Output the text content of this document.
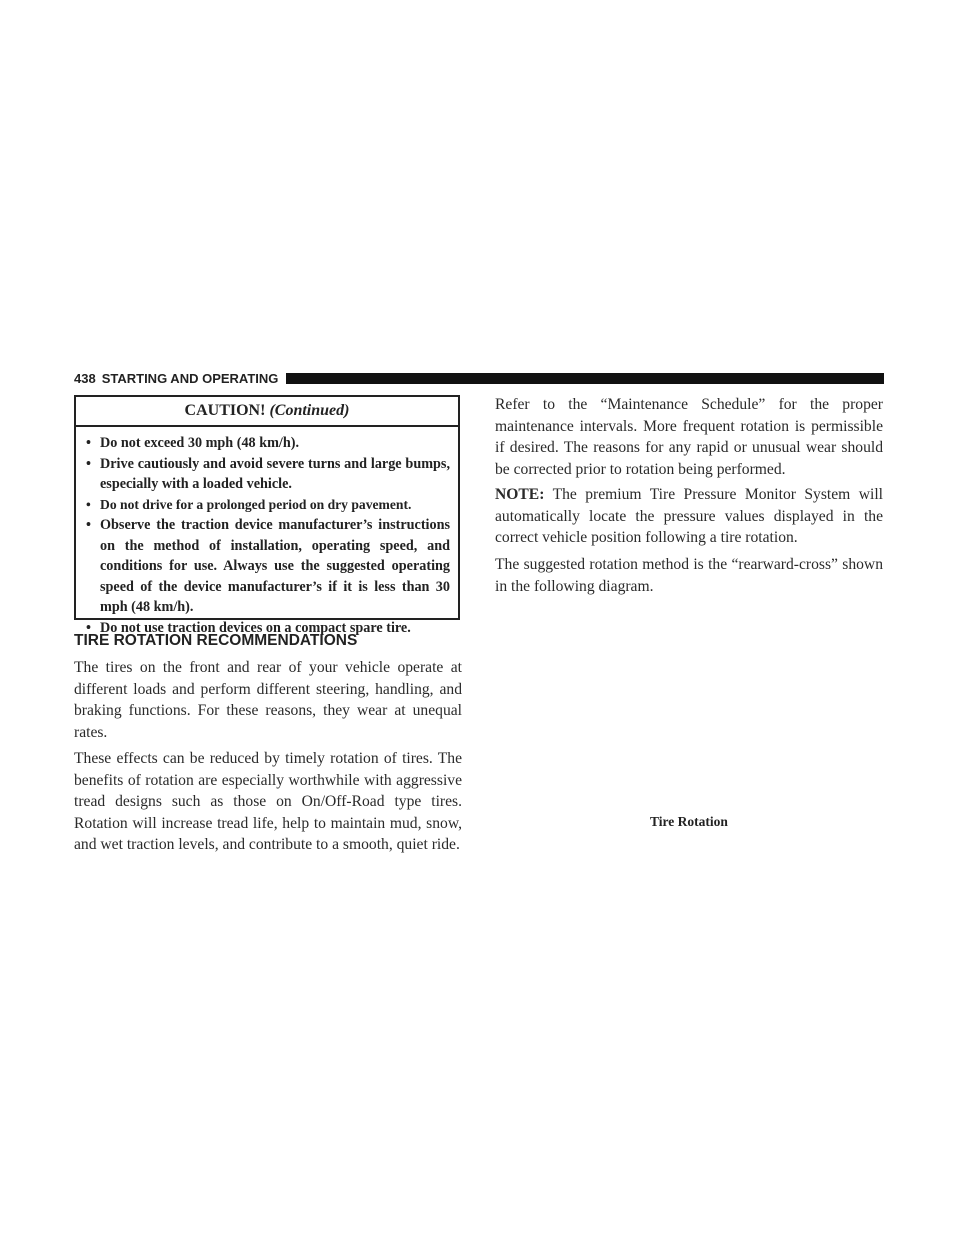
438 STARTING AND OPERATING
CAUTION! (Continued)
• Do not exceed 30 mph (48 km/h).
• Drive cautiously and avoid severe turns and large bumps, especially with a loaded vehicle.
• Do not drive for a prolonged period on dry pavement.
• Observe the traction device manufacturer’s instructions on the method of installation, operating speed, and conditions for use. Always use the suggested operating speed of the device manufacturer’s if it is less than 30 mph (48 km/h).
• Do not use traction devices on a compact spare tire.
TIRE ROTATION RECOMMENDATIONS

The tires on the front and rear of your vehicle operate at different loads and perform different steering, handling, and braking functions. For these reasons, they wear at unequal rates.

These effects can be reduced by timely rotation of tires. The benefits of rotation are especially worthwhile with aggressive tread designs such as those on On/Off-Road type tires. Rotation will increase tread life, help to maintain mud, snow, and wet traction levels, and contribute to a smooth, quiet ride.

Refer to the “Maintenance Schedule” for the proper maintenance intervals. More frequent rotation is permissible if desired. The reasons for any rapid or unusual wear should be corrected prior to rotation being performed.

NOTE: The premium Tire Pressure Monitor System will automatically locate the pressure values displayed in the correct vehicle position following a tire rotation.

The suggested rotation method is the “rearward-cross” shown in the following diagram.

Tire Rotation
